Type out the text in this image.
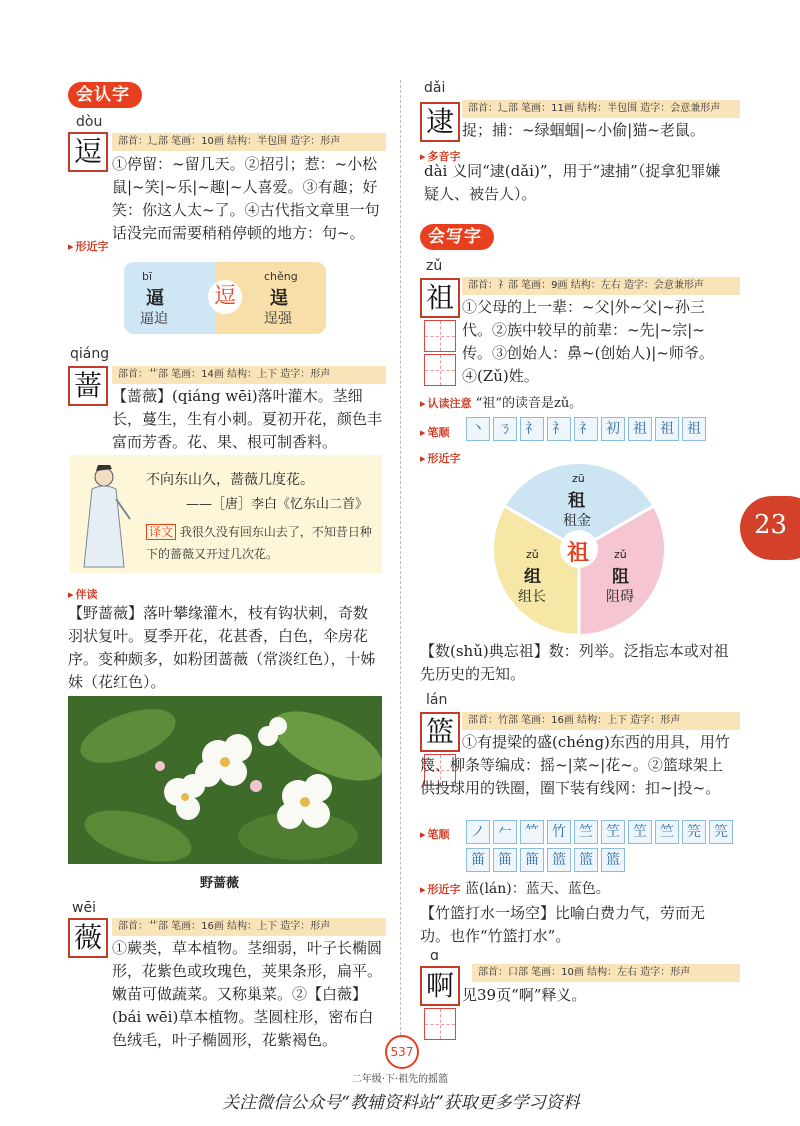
会认字
dòu
逗	部首：辶部 笔画：10画 结构：半包围 造字：形声
①停留：~留几天。②招引；惹：~小松鼠|~笑|~乐|~趣|~人喜爱。③有趣；好笑：你这人太~了。④古代指文章里一句话没完而需要稍稍停顿的地方：句~。
▸ 形近字
bī
逼
逼迫
逗
chěng
逞
逞强
qiáng
蔷	部首：艹部 笔画：14画 结构：上下 造字：形声
【蔷薇】(qiáng wēi)落叶灌木。茎细长，蔓生，生有小刺。夏初开花，颜色丰富而芳香。花、果、根可制香料。
不向东山久，蔷薇几度花。
——［唐］李白《忆东山二首》
译文 我很久没有回东山去了，不知昔日种下的蔷薇又开过几次花。
▸ 伴读
【野蔷薇】落叶攀缘灌木，枝有钩状刺，奇数羽状复叶。夏季开花，花甚香，白色，伞房花序。变种颇多，如粉团蔷薇（常淡红色），十姊妹（花红色）。
野蔷薇
wēi
薇	部首：艹部 笔画：16画 结构：上下 造字：形声
①蕨类，草本植物。茎细弱，叶子长椭圆形，花紫色或玫瑰色，荚果条形，扁平。嫩苗可做蔬菜。又称巢菜。②【白薇】(bái wēi)草本植物。茎圆柱形，密布白色绒毛，叶子椭圆形，花紫褐色。
dǎi
逮	部首：辶部 笔画：11画 结构：半包围 造字：会意兼形声
捉；捕：~绿蝈蝈|~小偷|猫~老鼠。
▸ 多音字
dài 义同“逮(dǎi)”，用于“逮捕”（捉拿犯罪嫌疑人、被告人）。
会写字
zǔ
祖	部首：礻部 笔画：9画 结构：左右 造字：会意兼形声
①父母的上一辈：~父|外~父|~孙三代。②族中较早的前辈：~先|~宗|~传。③创始人：鼻~(创始人)|~师爷。④(Zǔ)姓。
▸ 认读注意 “祖”的读音是zǔ。
▸ 笔顺	丶 ㄋ 礻 礻 礻 初 祖 祖 祖
▸ 形近字
zū
租
租金
zǔ
组
组长
zǔ
阻
阻碍
祖
【数(shǔ)典忘祖】数：列举。泛指忘本或对祖先历史的无知。
lán
篮	部首：竹部 笔画：16画 结构：上下 造字：形声
①有提梁的盛(chéng)东西的用具，用竹篾、柳条等编成：摇~|菜~|花~。②篮球架上供投球用的铁圈，圈下装有线网：扣~|投~。
▸ 笔顺	ノ 𠂉 𥫗 竹 竺 笁 笁 竺 笎 笎
筁 筁 筁 篮 篮 篮
▸ 形近字 蓝(lán)：蓝天、蓝色。
【竹篮打水一场空】比喻白费力气，劳而无功。也作“竹篮打水”。
ɑ
啊	部首：口部 笔画：10画 结构：左右 造字：形声
见39页“啊”释义。
23
537
二年级·下·祖先的摇篮
关注微信公众号“教辅资料站”获取更多学习资料
